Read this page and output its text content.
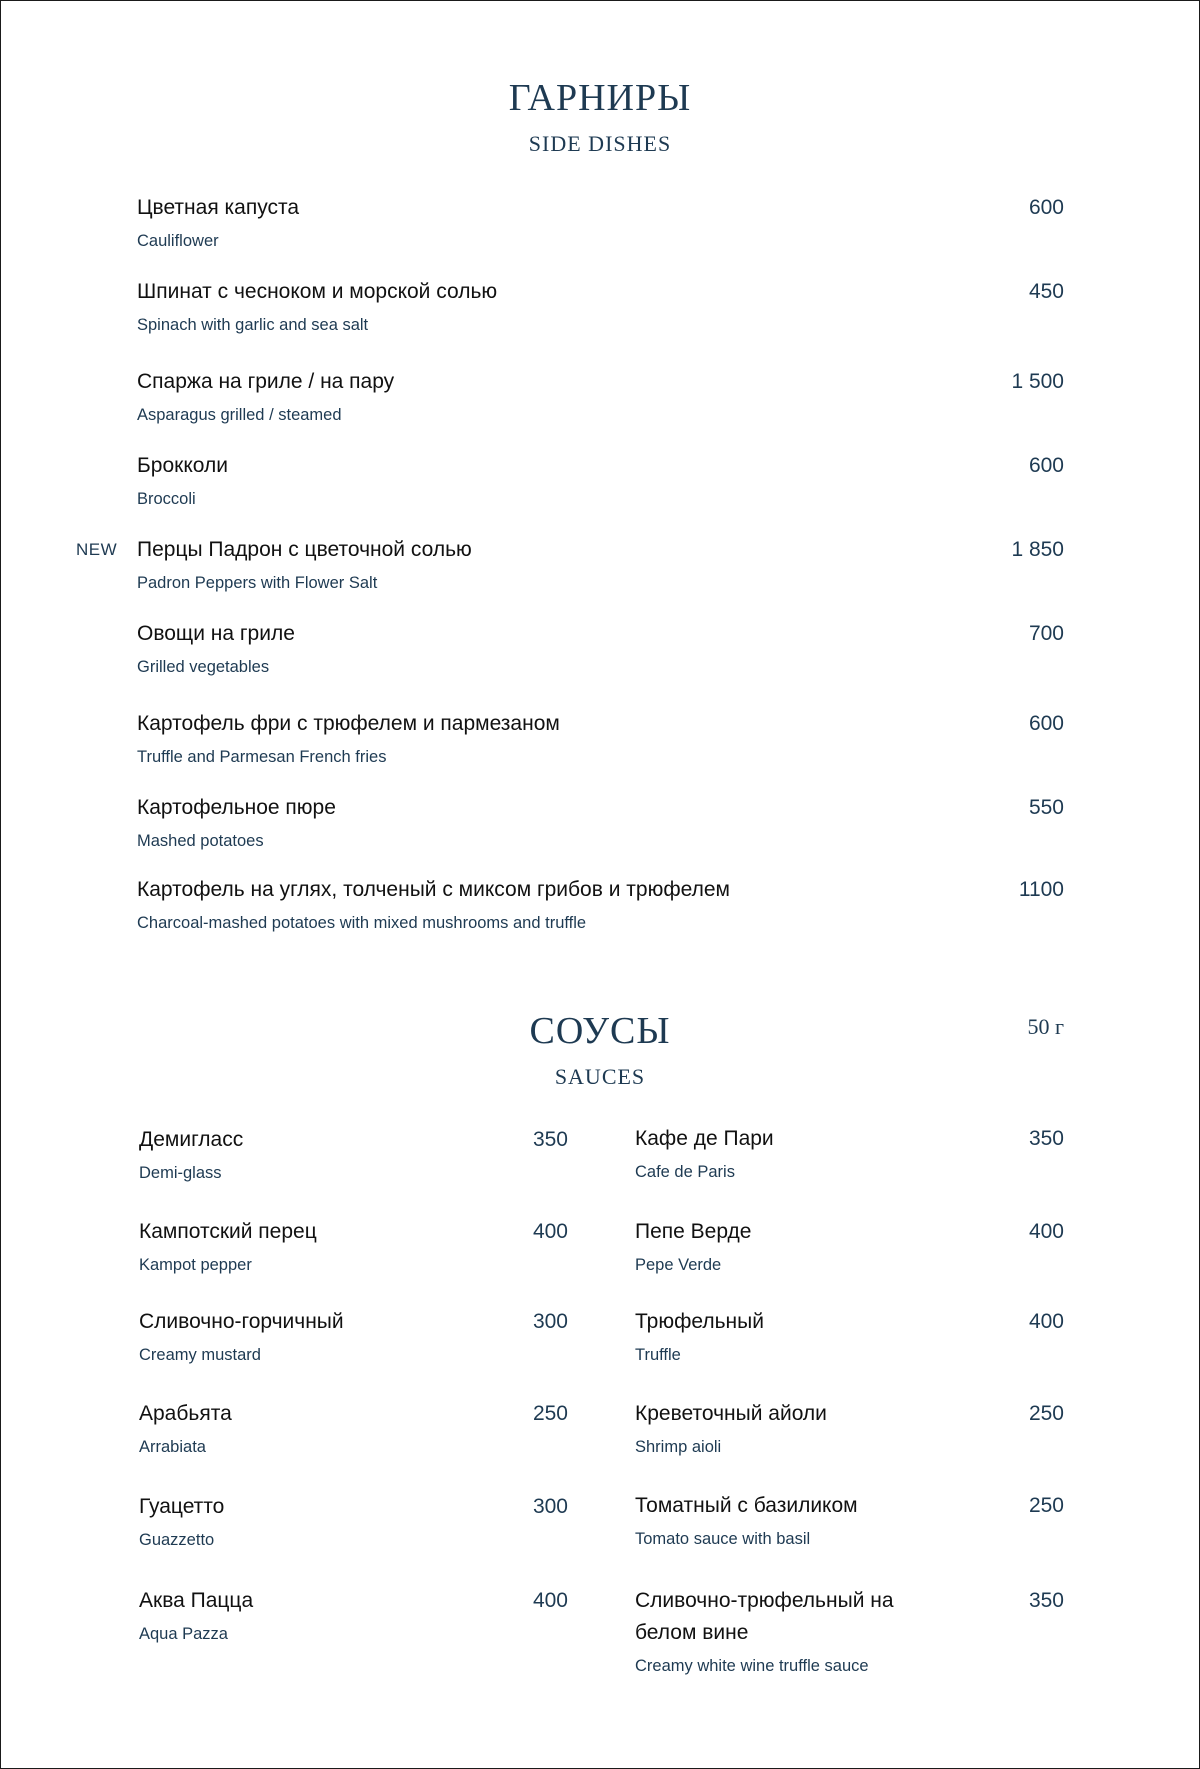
ГАРНИРЫ
SIDE DISHES
Цветная капуста
Cauliflower
600
Шпинат с чесноком и морской солью
Spinach with garlic and sea salt
450
Спаржа на гриле / на пару
Asparagus grilled / steamed
1 500
Брокколи
Broccoli
600
NEW Перцы Падрон с цветочной солью
Padron Peppers with Flower Salt
1 850
Овощи на гриле
Grilled vegetables
700
Картофель фри с трюфелем и пармезаном
Truffle and Parmesan French fries
600
Картофельное пюре
Mashed potatoes
550
Картофель на углях, толченый с миксом грибов и трюфелем
Charcoal-mashed potatoes with mixed mushrooms and truffle
1100
СОУСЫ
SAUCES
50 г
Демигласс
Demi-glass
350
Кампотский перец
Kampot pepper
400
Сливочно-горчичный
Creamy mustard
300
Арабьята
Arrabiata
250
Гуацетто
Guazzetto
300
Аква Пацца
Aqua Pazza
400
Кафе де Пари
Cafe de Paris
350
Пепе Верде
Pepe Verde
400
Трюфельный
Truffle
400
Креветочный айоли
Shrimp aioli
250
Томатный с базиликом
Tomato sauce with basil
250
Сливочно-трюфельный на белом вине
Creamy white wine truffle sauce
350
